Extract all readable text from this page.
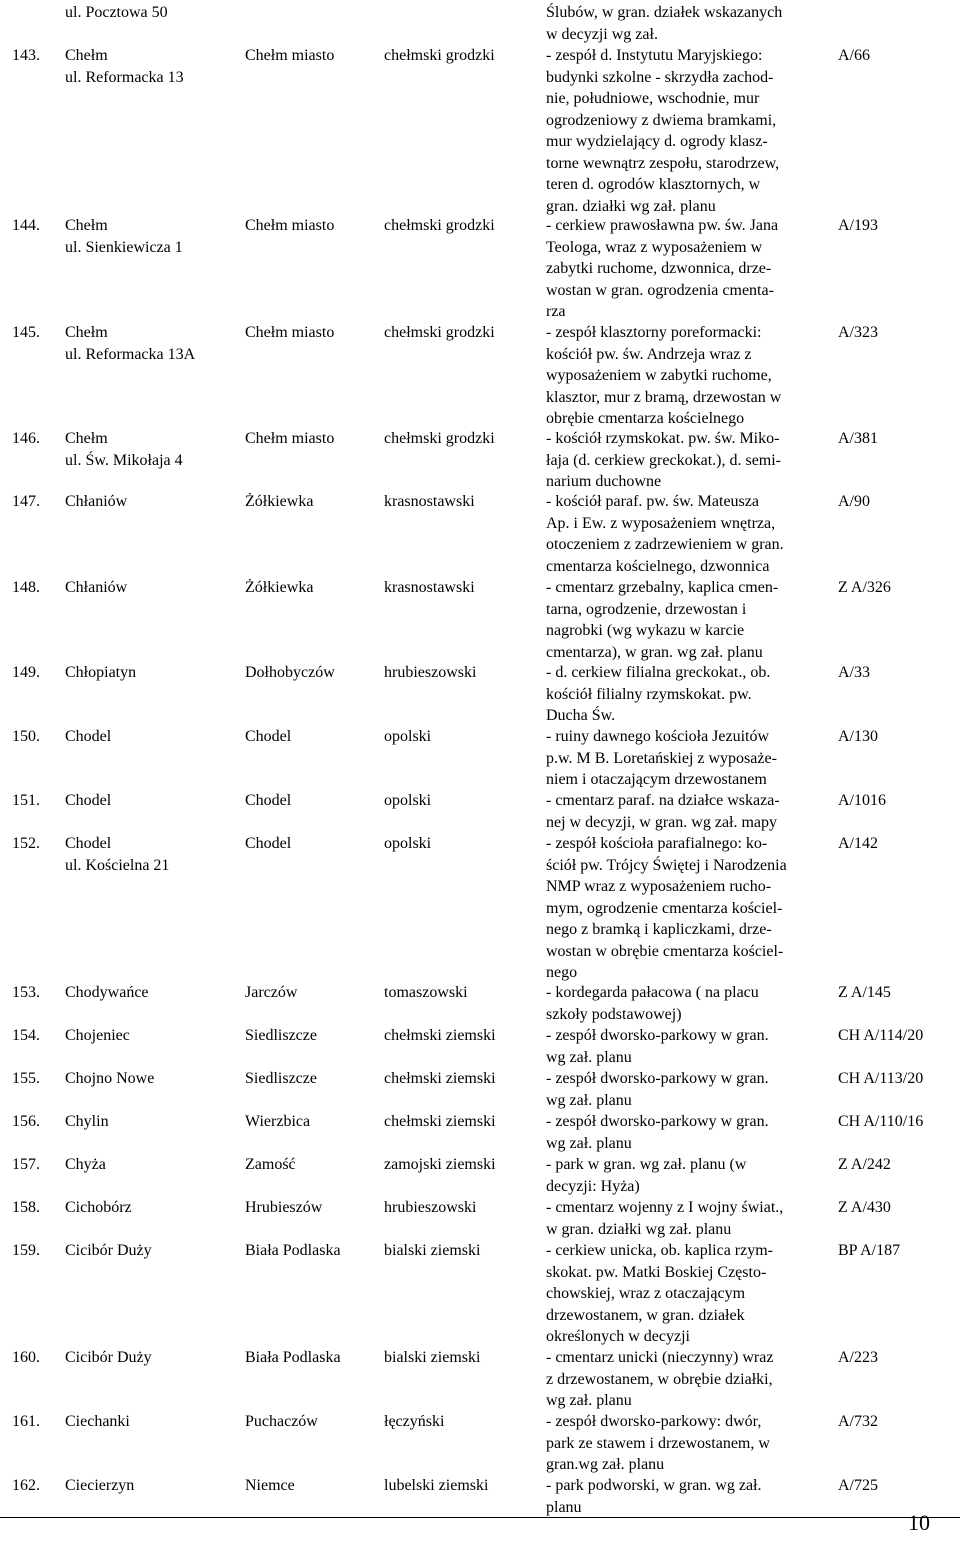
ul. Pocztowa 50	Ślubów, w gran. działek wskazanych
w decyzji wg zał.
143. Chełm
ul. Reformacka 13
Chełm miasto	chełmski grodzki	- zespół d. Instytutu Maryjskiego:
budynki szkolne - skrzydła zachod-
nie, południowe, wschodnie, mur
ogrodzeniowy z dwiema bramkami,
mur wydzielający d. ogrody klasz-
torne wewnątrz zespołu, starodrzew,
teren d. ogrodów klasztornych, w
gran. działki wg zał. planu
A/66
144. Chełm
ul. Sienkiewicza 1
Chełm miasto	chełmski grodzki	- cerkiew prawosławna pw. św. Jana
Teologa, wraz z wyposażeniem w
zabytki ruchome, dzwonnica, drze-
wostan w gran. ogrodzenia cmenta-
rza
A/193
145. Chełm
ul. Reformacka 13A
Chełm miasto	chełmski grodzki	- zespół klasztorny poreformacki:
kościół pw. św. Andrzeja wraz z
wyposażeniem w zabytki ruchome,
klasztor, mur z bramą, drzewostan w
obrębie cmentarza kościelnego
A/323
146. Chełm
ul. Św. Mikołaja 4
Chełm miasto	chełmski grodzki	- kościół rzymskokat. pw. św. Miko-
łaja (d. cerkiew greckokat.), d. semi-
narium duchowne
A/381
147. Chłaniów	Żółkiewka	krasnostawski	- kościół paraf. pw. św. Mateusza
Ap. i Ew. z wyposażeniem wnętrza,
otoczeniem z zadrzewieniem w gran.
cmentarza kościelnego, dzwonnica
A/90
148. Chłaniów	Żółkiewka	krasnostawski	- cmentarz grzebalny, kaplica cmen-
tarna, ogrodzenie, drzewostan i
nagrobki (wg wykazu w karcie
cmentarza), w gran. wg zał. planu
Z A/326
149. Chłopiatyn	Dołhobyczów	hrubieszowski	- d. cerkiew filialna greckokat., ob.
kościół filialny rzymskokat. pw.
Ducha Św.
A/33
150. Chodel	Chodel	opolski	- ruiny dawnego kościoła Jezuitów
p.w. M B. Loretańskiej z wyposaże-
niem i otaczającym drzewostanem
A/130
151. Chodel	Chodel	opolski	- cmentarz paraf. na działce wskaza-
nej w decyzji, w gran. wg zał. mapy
A/1016
152. Chodel
ul. Kościelna 21
Chodel	opolski	- zespół kościoła parafialnego: ko-
ściół pw. Trójcy Świętej i Narodzenia
NMP wraz z wyposażeniem rucho-
mym, ogrodzenie cmentarza kościel-
nego z bramką i kapliczkami, drze-
wostan w obrębie cmentarza kościel-
nego
A/142
153. Chodywańce	Jarczów	tomaszowski	- kordegarda pałacowa ( na placu
szkoły podstawowej)
Z A/145
154. Chojeniec	Siedliszcze	chełmski ziemski	- zespół dworsko-parkowy w gran.
wg zał. planu
CH A/114/20
155. Chojno Nowe	Siedliszcze	chełmski ziemski	- zespół dworsko-parkowy w gran.
wg zał. planu
CH A/113/20
156. Chylin	Wierzbica	chełmski ziemski	- zespół dworsko-parkowy w gran.
wg zał. planu
CH A/110/16
157. Chyża	Zamość	zamojski ziemski	- park w gran. wg zał. planu (w
decyzji: Hyża)
Z A/242
158. Cichobórz	Hrubieszów	hrubieszowski	- cmentarz wojenny z I wojny świat.,
w gran. działki wg zał. planu
Z A/430
159. Cicibór Duży	Biała Podlaska	bialski ziemski	- cerkiew unicka, ob. kaplica rzym-
skokat. pw. Matki Boskiej Często-
chowskiej, wraz z otaczającym
drzewostanem, w gran. działek
określonych w decyzji
BP A/187
160. Cicibór Duży	Biała Podlaska	bialski ziemski	- cmentarz unicki (nieczynny) wraz
z drzewostanem, w obrębie działki,
wg zał. planu
A/223
161. Ciechanki	Puchaczów	łęczyński	- zespół dworsko-parkowy: dwór,
park ze stawem i drzewostanem, w
gran.wg zał. planu
A/732
162. Ciecierzyn	Niemce	lubelski ziemski	- park podworski, w gran. wg zał.
planu
A/725
10
